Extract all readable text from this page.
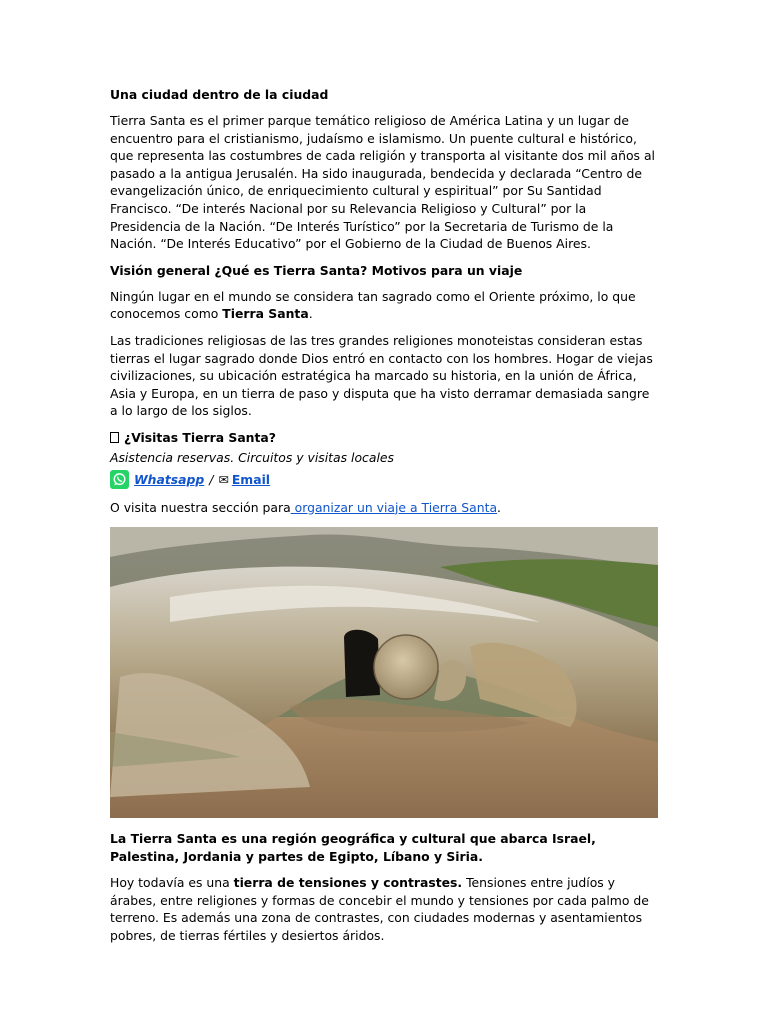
Una ciudad dentro de la ciudad

Tierra Santa es el primer parque temático religioso de América Latina y un lugar de encuentro para el cristianismo, judaísmo e islamismo. Un puente cultural e histórico, que representa las costumbres de cada religión y transporta al visitante dos mil años al pasado a la antigua Jerusalén. Ha sido inaugurada, bendecida y declarada “Centro de evangelización único, de enriquecimiento cultural y espiritual” por Su Santidad Francisco. “De interés Nacional por su Relevancia Religioso y Cultural” por la Presidencia de la Nación. “De Interés Turístico” por la Secretaria de Turismo de la Nación. “De Interés Educativo” por el Gobierno de la Ciudad de Buenos Aires.

Visión general ¿Qué es Tierra Santa? Motivos para un viaje

Ningún lugar en el mundo se considera tan sagrado como el Oriente próximo, lo que conocemos como Tierra Santa.

Las tradiciones religiosas de las tres grandes religiones monoteistas consideran estas tierras el lugar sagrado donde Dios entró en contacto con los hombres. Hogar de viejas civilizaciones, su ubicación estratégica ha marcado su historia, en la unión de África, Asia y Europa, en un tierra de paso y disputa que ha visto derramar demasiada sangre a lo largo de los siglos.

¿Visitas Tierra Santa?

Asistencia reservas. Circuitos y visitas locales

Whatsapp / ✉ Email

O visita nuestra sección para organizar un viaje a Tierra Santa.

La Tierra Santa es una región geográfica y cultural que abarca Israel, Palestina, Jordania y partes de Egipto, Líbano y Siria.

Hoy todavía es una tierra de tensiones y contrastes. Tensiones entre judíos y árabes, entre religiones y formas de concebir el mundo y tensiones por cada palmo de terreno. Es además una zona de contrastes, con ciudades modernas y asentamientos pobres, de tierras fértiles y desiertos áridos.
